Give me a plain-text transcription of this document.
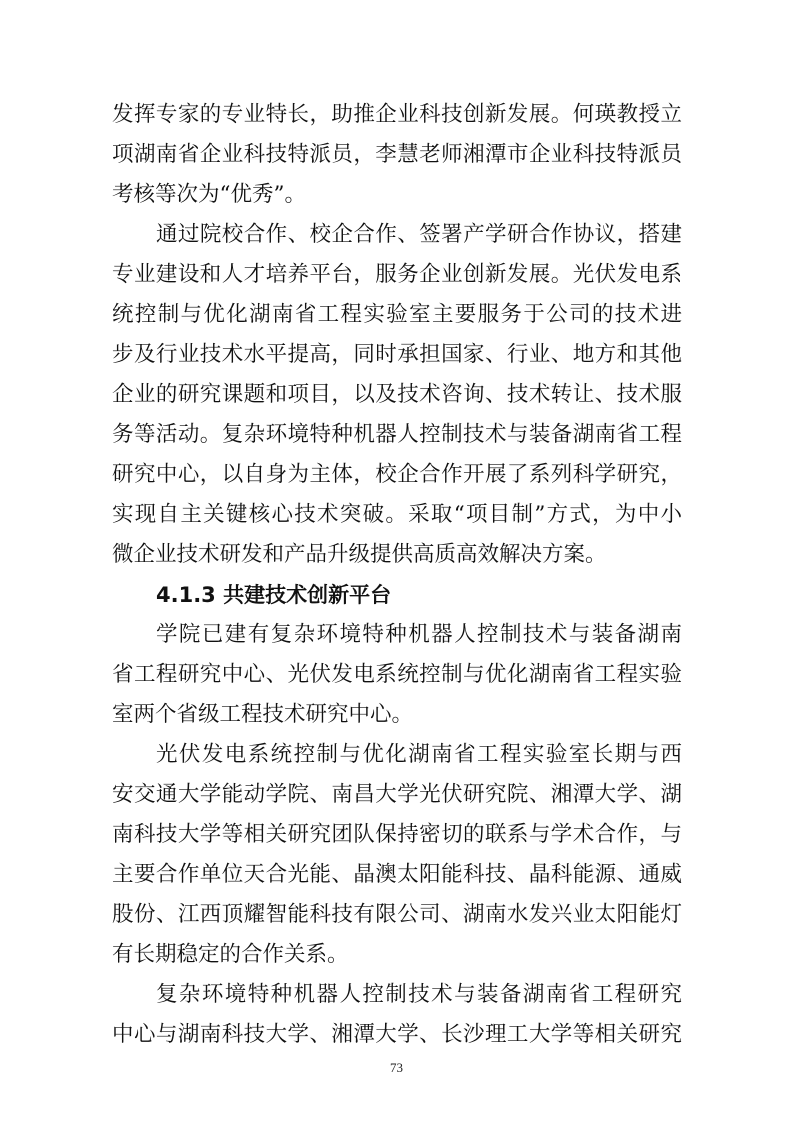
发挥专家的专业特长，助推企业科技创新发展。何瑛教授立
项湖南省企业科技特派员，李慧老师湘潭市企业科技特派员
考核等次为“优秀”。
通过院校合作、校企合作、签署产学研合作协议，搭建
专业建设和人才培养平台，服务企业创新发展。光伏发电系
统控制与优化湖南省工程实验室主要服务于公司的技术进
步及行业技术水平提高，同时承担国家、行业、地方和其他
企业的研究课题和项目，以及技术咨询、技术转让、技术服
务等活动。复杂环境特种机器人控制技术与装备湖南省工程
研究中心，以自身为主体，校企合作开展了系列科学研究，
实现自主关键核心技术突破。采取“项目制”方式，为中小
微企业技术研发和产品升级提供高质高效解决方案。
4.1.3 共建技术创新平台
学院已建有复杂环境特种机器人控制技术与装备湖南
省工程研究中心、光伏发电系统控制与优化湖南省工程实验
室两个省级工程技术研究中心。
光伏发电系统控制与优化湖南省工程实验室长期与西
安交通大学能动学院、南昌大学光伏研究院、湘潭大学、湖
南科技大学等相关研究团队保持密切的联系与学术合作，与
主要合作单位天合光能、晶澳太阳能科技、晶科能源、通威
股份、江西顶耀智能科技有限公司、湖南水发兴业太阳能灯
有长期稳定的合作关系。
复杂环境特种机器人控制技术与装备湖南省工程研究
中心与湖南科技大学、湘潭大学、长沙理工大学等相关研究
73
